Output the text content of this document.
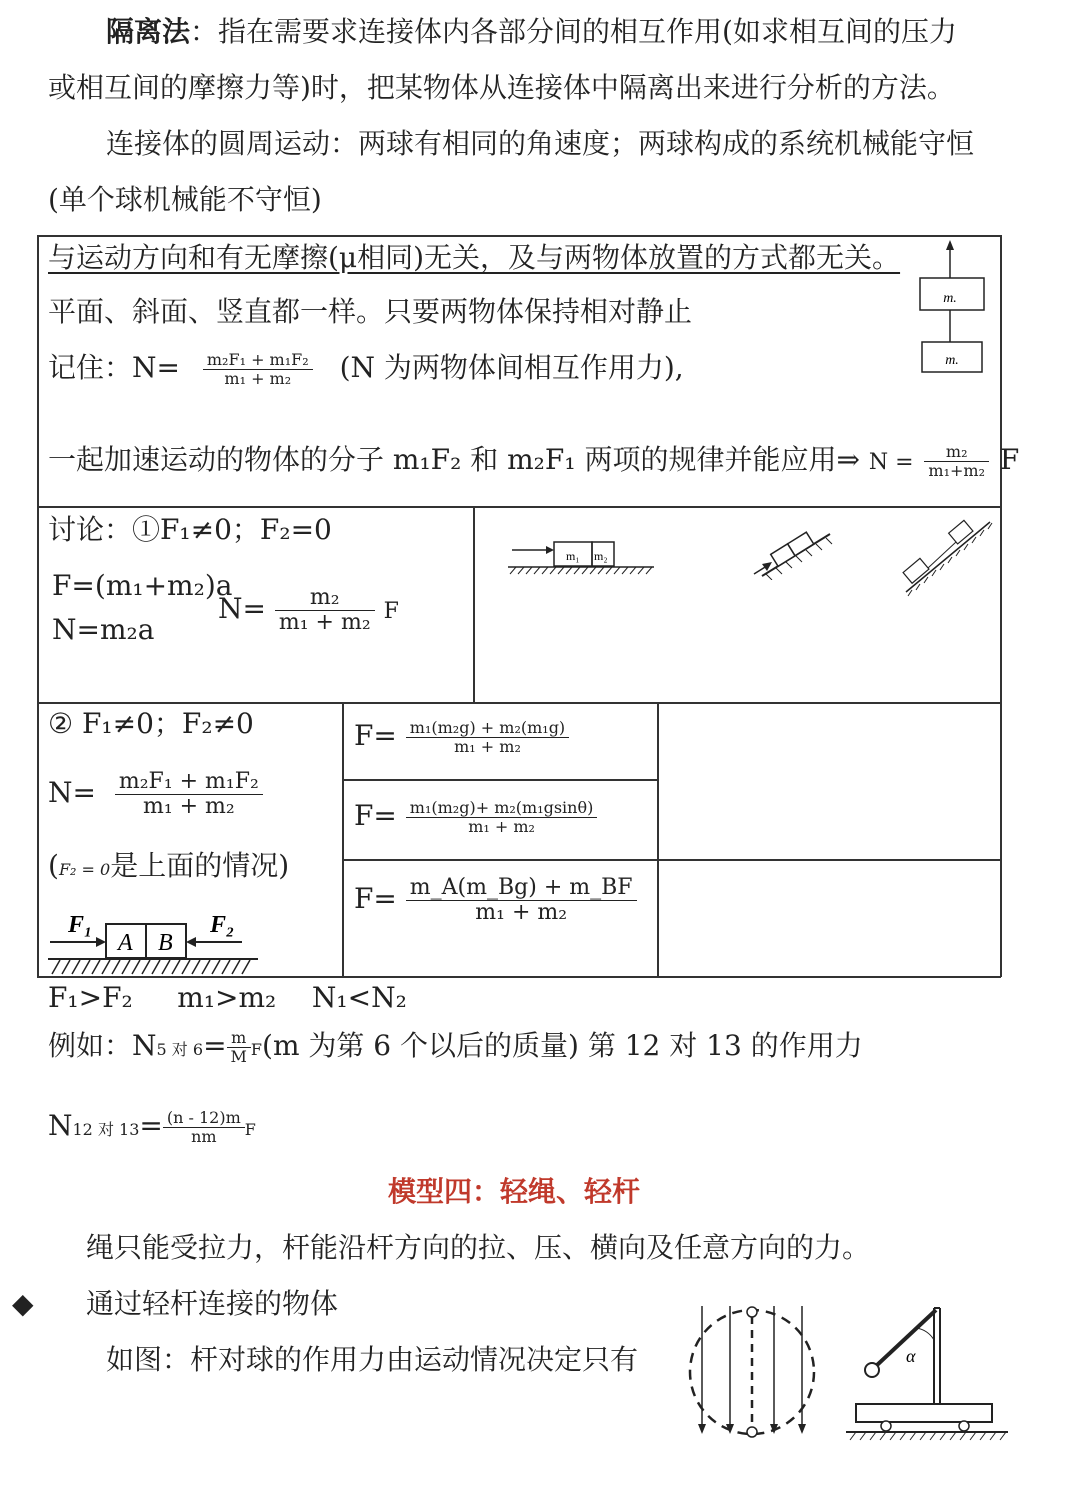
隔离法：指在需要求连接体内各部分间的相互作用(如求相互间的压力
或相互间的摩擦力等)时，把某物体从连接体中隔离出来进行分析的方法。
连接体的圆周运动：两球有相同的角速度；两球构成的系统机械能守恒
(单个球机械能不守恒)
与运动方向和有无摩擦(μ相同)无关，及与两物体放置的方式都无关。
平面、斜面、竖直都一样。只要两物体保持相对静止
记住：$N= \frac{\text{m₂F₁ + m₁F₂}}{\text{m₁ + m₂}} (N$ 为两物体间相互作用力),
一起加速运动的物体的分子 m₁F₂ 和 m₂F₁ 两项的规律并能应用⇒ $N = \frac{\text{m₂}}{\text{m₁+m₂}}$ F
m.
m.
讨论：①F₁≠0；F₂=0
F=(m₁+m₂)a
N=m₂a
$N= \frac{\text{m₂}}{\text{m₁ + m₂}}$ F
m₁ m₂
② F₁≠0；F₂≠0
$N= \frac{\text{m₂F₁ + m₁F₂}}{\text{m₁ + m₂}}$
(F₂ = 0是上面的情况)
F₁
A B
F₂
$F= \frac{\text{m₁(m₂g) + m₂(m₁g)}}{\text{m₁ + m₂}}$
$F= \frac{\text{m₁(m₂g)+ m₂(m₁gsinθ)}}{\text{m₁ + m₂}}$
$F= \frac{m\_A(m\_Bg) + m\_BF}{\text{m₁ + m₂}}$
F₁>F₂     m₁>m₂    N₁<N₂
例如：N5 对 $6= \frac{m}{M} F(m$ 为第 6 个以后的质量) 第 12 对 13 的作用力
N12 对 $13= \frac{(n - 12)m}{nm}$ F
模型四：轻绳、轻杆
绳只能受拉力，杆能沿杆方向的拉、压、横向及任意方向的力。
◆ 通过轻杆连接的物体
如图：杆对球的作用力由运动情况决定只有	α
